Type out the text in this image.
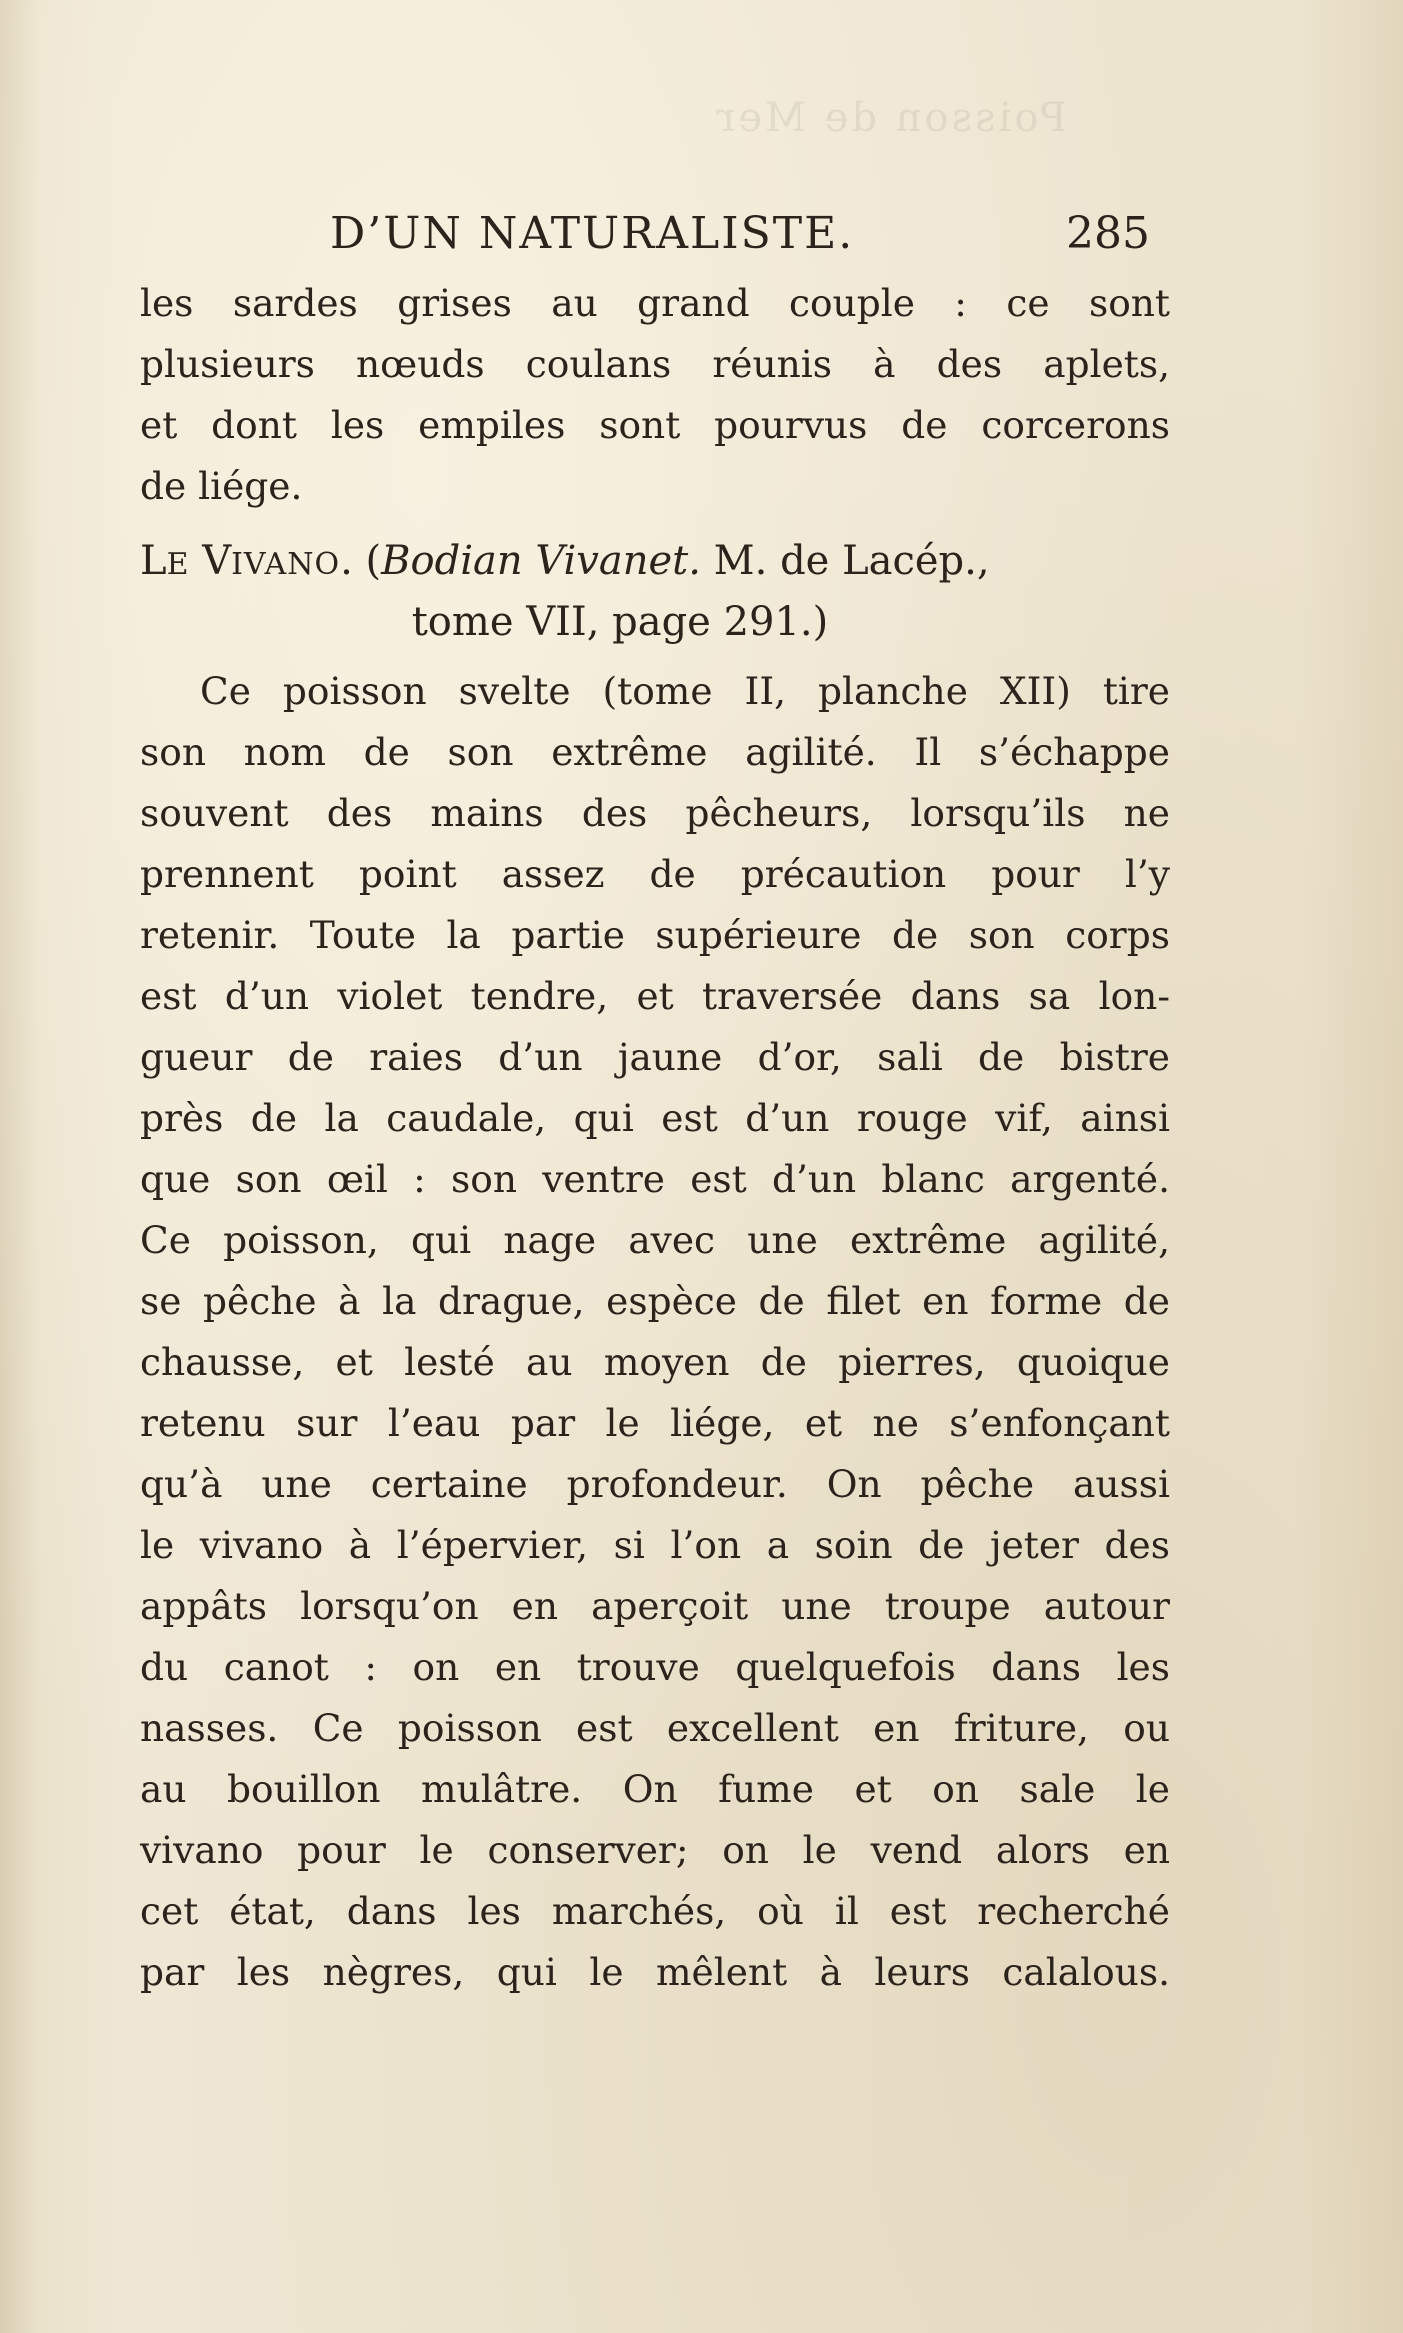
Poisson de Mer
D’UN NATURALISTE.	285
les sardes grises au grand couple : ce sont
plusieurs nœuds coulans réunis à des aplets,
et dont les empiles sont pourvus de corcerons
de liége.
LE VIVANO. (Bodian Vivanet. M. de Lacép.,
tome VII, page 291.)
Ce poisson svelte (tome II, planche XII) tire
son nom de son extrême agilité. Il s’échappe
souvent des mains des pêcheurs, lorsqu’ils ne
prennent point assez de précaution pour l’y
retenir. Toute la partie supérieure de son corps
est d’un violet tendre, et traversée dans sa lon-
gueur de raies d’un jaune d’or, sali de bistre
près de la caudale, qui est d’un rouge vif, ainsi
que son œil : son ventre est d’un blanc argenté.
Ce poisson, qui nage avec une extrême agilité,
se pêche à la drague, espèce de filet en forme de
chausse, et lesté au moyen de pierres, quoique
retenu sur l’eau par le liége, et ne s’enfonçant
qu’à une certaine profondeur. On pêche aussi
le vivano à l’épervier, si l’on a soin de jeter des
appâts lorsqu’on en aperçoit une troupe autour
du canot : on en trouve quelquefois dans les
nasses. Ce poisson est excellent en friture, ou
au bouillon mulâtre. On fume et on sale le
vivano pour le conserver; on le vend alors en
cet état, dans les marchés, où il est recherché
par les nègres, qui le mêlent à leurs calalous.
